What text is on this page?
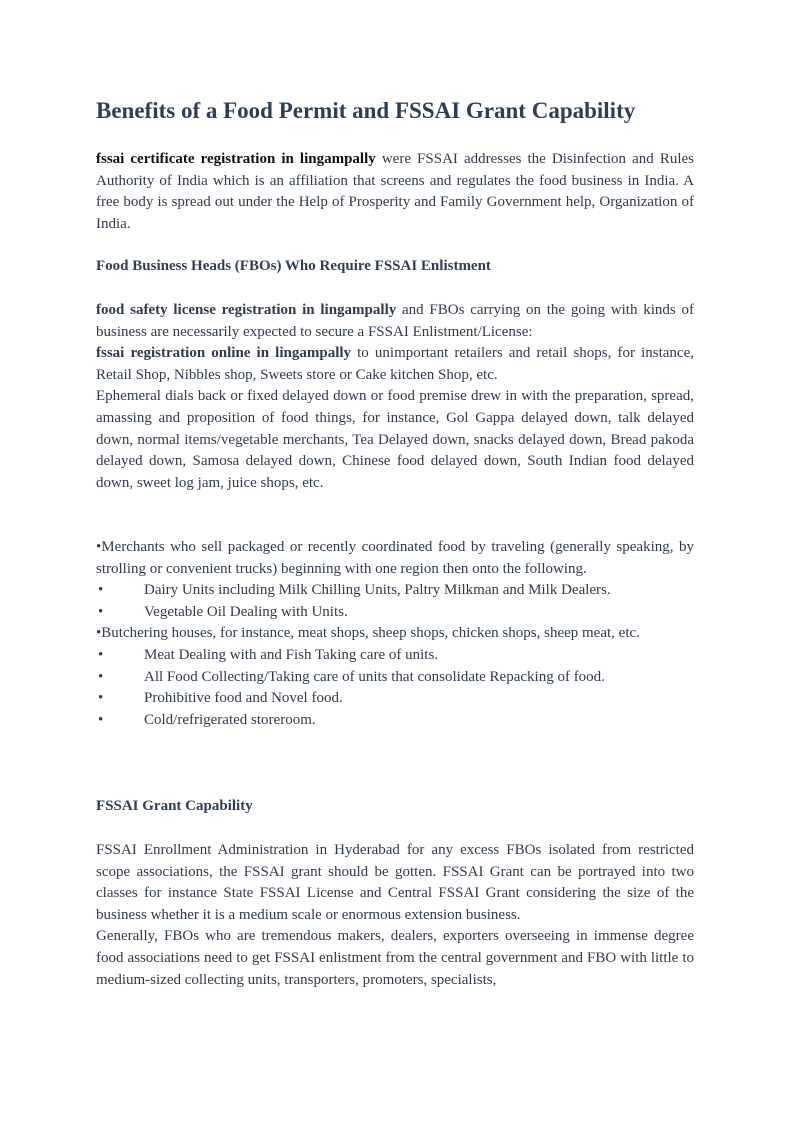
Benefits of a Food Permit and FSSAI Grant Capability
fssai certificate registration in lingampally were FSSAI addresses the Disinfection and Rules Authority of India which is an affiliation that screens and regulates the food business in India. A free body is spread out under the Help of Prosperity and Family Government help, Organization of India.
Food Business Heads (FBOs) Who Require FSSAI Enlistment

food safety license registration in lingampally and FBOs carrying on the going with kinds of business are necessarily expected to secure a FSSAI Enlistment/License:

fssai registration online in lingampally to unimportant retailers and retail shops, for instance, Retail Shop, Nibbles shop, Sweets store or Cake kitchen Shop, etc.

Ephemeral dials back or fixed delayed down or food premise drew in with the preparation, spread, amassing and proposition of food things, for instance, Gol Gappa delayed down, talk delayed down, normal items/vegetable merchants, Tea Delayed down, snacks delayed down, Bread pakoda delayed down, Samosa delayed down, Chinese food delayed down, South Indian food delayed down, sweet log jam, juice shops, etc.

•Merchants who sell packaged or recently coordinated food by traveling (generally speaking, by strolling or convenient trucks) beginning with one region then onto the following.

•	Dairy Units including Milk Chilling Units, Paltry Milkman and Milk Dealers.

•	Vegetable Oil Dealing with Units.

•Butchering houses, for instance, meat shops, sheep shops, chicken shops, sheep meat, etc.

•	Meat Dealing with and Fish Taking care of units.

•	All Food Collecting/Taking care of units that consolidate Repacking of food.

•	Prohibitive food and Novel food.

•	Cold/refrigerated storeroom.

FSSAI Grant Capability

FSSAI Enrollment Administration in Hyderabad for any excess FBOs isolated from restricted scope associations, the FSSAI grant should be gotten. FSSAI Grant can be portrayed into two classes for instance State FSSAI License and Central FSSAI Grant considering the size of the business whether it is a medium scale or enormous extension business.

Generally, FBOs who are tremendous makers, dealers, exporters overseeing in immense degree food associations need to get FSSAI enlistment from the central government and FBO with little to medium-sized collecting units, transporters, promoters, specialists,
